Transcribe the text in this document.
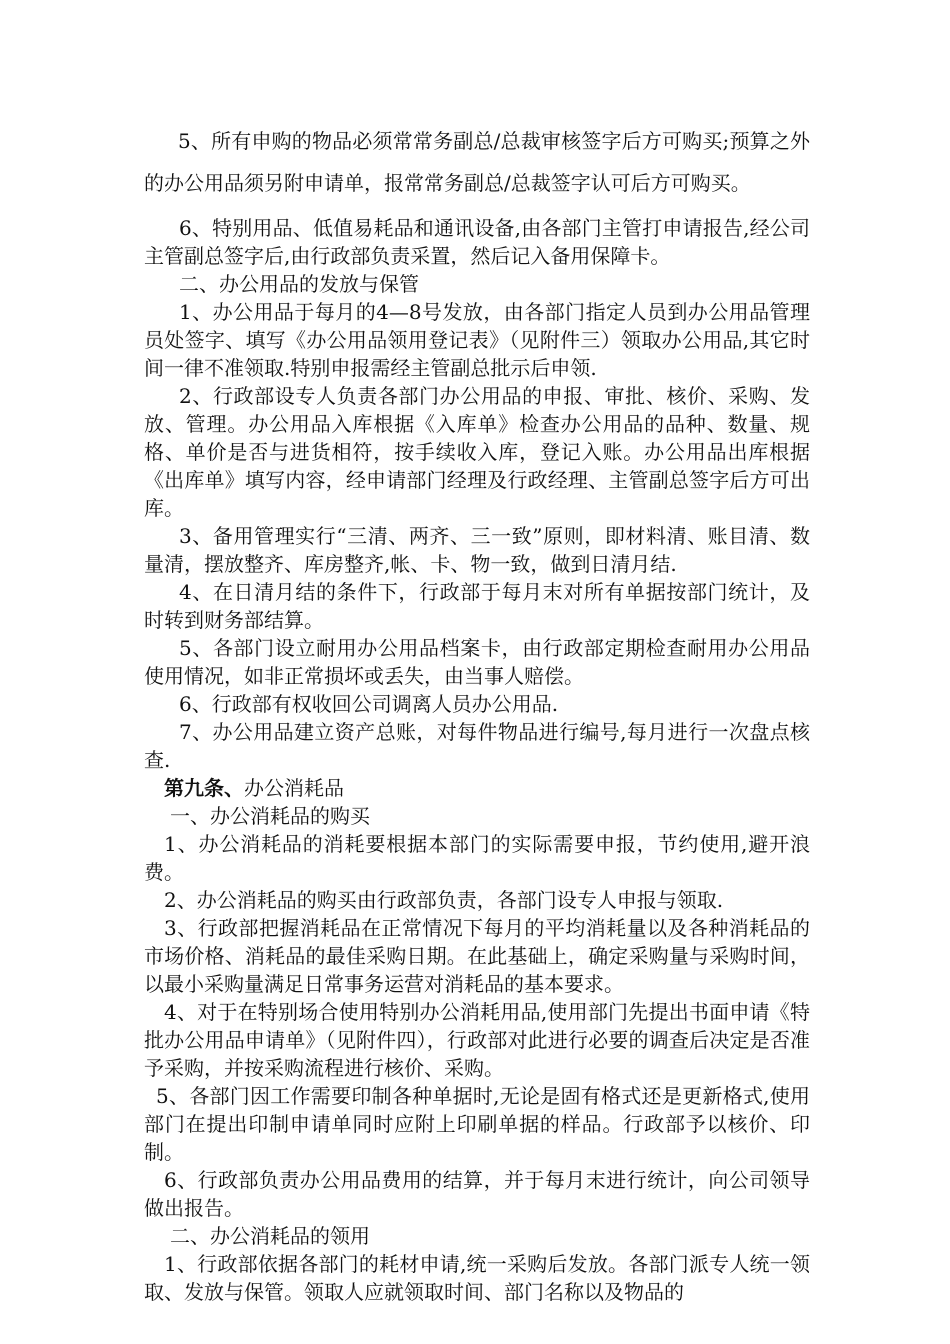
5、所有申购的物品必须常常务副总/总裁审核签字后方可购买;预算之外的办公用品须另附申请单，报常常务副总/总裁签字认可后方可购买。

6、特别用品、低值易耗品和通讯设备,由各部门主管打申请报告,经公司主管副总签字后,由行政部负责采置，然后记入备用保障卡。

二、办公用品的发放与保管

1、办公用品于每月的4—8号发放，由各部门指定人员到办公用品管理员处签字、填写《办公用品领用登记表》（见附件三）领取办公用品,其它时间一律不准领取.特别申报需经主管副总批示后申领.

2、行政部设专人负责各部门办公用品的申报、审批、核价、采购、发放、管理。办公用品入库根据《入库单》检查办公用品的品种、数量、规格、单价是否与进货相符，按手续收入库，登记入账。办公用品出库根据《出库单》填写内容，经申请部门经理及行政经理、主管副总签字后方可出库。

3、备用管理实行“三清、两齐、三一致”原则，即材料清、账目清、数量清，摆放整齐、库房整齐,帐、卡、物一致，做到日清月结.

4、在日清月结的条件下，行政部于每月末对所有单据按部门统计，及时转到财务部结算。

5、各部门设立耐用办公用品档案卡，由行政部定期检查耐用办公用品使用情况，如非正常损坏或丢失，由当事人赔偿。

6、行政部有权收回公司调离人员办公用品.

7、办公用品建立资产总账，对每件物品进行编号,每月进行一次盘点核查.

第九条、办公消耗品

一、办公消耗品的购买

1、办公消耗品的消耗要根据本部门的实际需要申报，节约使用,避开浪费。

2、办公消耗品的购买由行政部负责，各部门设专人申报与领取.

3、行政部把握消耗品在正常情况下每月的平均消耗量以及各种消耗品的市场价格、消耗品的最佳采购日期。在此基础上，确定采购量与采购时间，以最小采购量满足日常事务运营对消耗品的基本要求。

4、对于在特别场合使用特别办公消耗用品,使用部门先提出书面申请《特批办公用品申请单》（见附件四），行政部对此进行必要的调查后决定是否准予采购，并按采购流程进行核价、采购。

5、各部门因工作需要印制各种单据时,无论是固有格式还是更新格式,使用部门在提出印制申请单同时应附上印刷单据的样品。行政部予以核价、印制。

6、行政部负责办公用品费用的结算，并于每月末进行统计，向公司领导做出报告。

二、办公消耗品的领用

1、行政部依据各部门的耗材申请,统一采购后发放。各部门派专人统一领取、发放与保管。领取人应就领取时间、部门名称以及物品的
